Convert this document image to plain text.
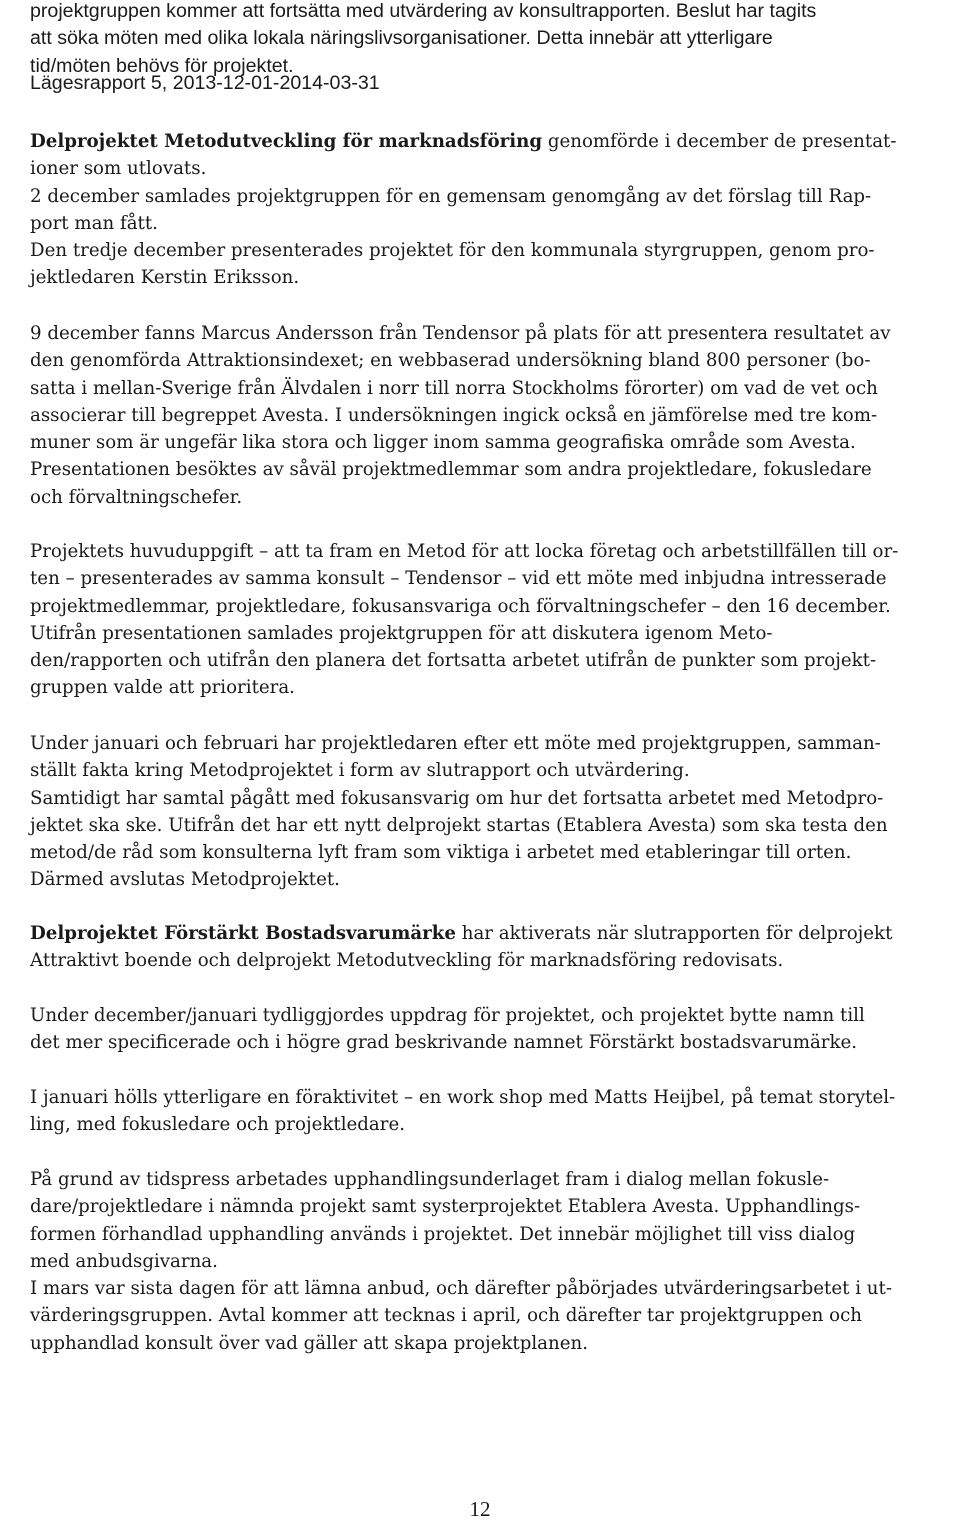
projektgruppen kommer att fortsätta med utvärdering av konsultrapporten. Beslut har tagits
att söka möten med olika lokala näringslivsorganisationer. Detta innebär att ytterligare
tid/möten behövs för projektet.
Lägesrapport 5, 2013-12-01-2014-03-31
Delprojektet Metodutveckling för marknadsföring genomförde i december de presentat-
ioner som utlovats.
2 december samlades projektgruppen för en gemensam genomgång av det förslag till Rap-
port man fått.
Den tredje december presenterades projektet för den kommunala styrgruppen, genom pro-
jektledaren Kerstin Eriksson.
9 december fanns Marcus Andersson från Tendensor på plats för att presentera resultatet av
den genomförda Attraktionsindexet; en webbaserad undersökning bland 800 personer (bo-
satta i mellan-Sverige från Älvdalen i norr till norra Stockholms förorter) om vad de vet och
associerar till begreppet Avesta. I undersökningen ingick också en jämförelse med tre kom-
muner som är ungefär lika stora och ligger inom samma geografiska område som Avesta.
Presentationen besöktes av såväl projektmedlemmar som andra projektledare, fokusledare
och förvaltningschefer.
Projektets huvuduppgift – att ta fram en Metod för att locka företag och arbetstillfällen till or-
ten – presenterades av samma konsult – Tendensor – vid ett möte med inbjudna intresserade
projektmedlemmar, projektledare, fokusansvariga och förvaltningschefer – den 16 december.
Utifrån presentationen samlades projektgruppen för att diskutera igenom Meto-
den/rapporten och utifrån den planera det fortsatta arbetet utifrån de punkter som projekt-
gruppen valde att prioritera.
Under januari och februari har projektledaren efter ett möte med projektgruppen, samman-
ställt fakta kring Metodprojektet i form av slutrapport och utvärdering.
Samtidigt har samtal pågått med fokusansvarig om hur det fortsatta arbetet med Metodpro-
jektet ska ske. Utifrån det har ett nytt delprojekt startas (Etablera Avesta) som ska testa den
metod/de råd som konsulterna lyft fram som viktiga i arbetet med etableringar till orten.
Därmed avslutas Metodprojektet.
Delprojektet Förstärkt Bostadsvarumärke har aktiverats när slutrapporten för delprojekt
Attraktivt boende och delprojekt Metodutveckling för marknadsföring redovisats.
Under december/januari tydliggjordes uppdrag för projektet, och projektet bytte namn till
det mer specificerade och i högre grad beskrivande namnet Förstärkt bostadsvarumärke.
I januari hölls ytterligare en föraktivitet – en work shop med Matts Heijbel, på temat storytel-
ling, med fokusledare och projektledare.
På grund av tidspress arbetades upphandlingsunderlaget fram i dialog mellan fokusle-
dare/projektledare i nämnda projekt samt systerprojektet Etablera Avesta. Upphandlings-
formen förhandlad upphandling används i projektet. Det innebär möjlighet till viss dialog
med anbudsgivarna.
I mars var sista dagen för att lämna anbud, och därefter påbörjades utvärderingsarbetet i ut-
värderingsgruppen. Avtal kommer att tecknas i april, och därefter tar projektgruppen och
upphandlad konsult över vad gäller att skapa projektplanen.
12
